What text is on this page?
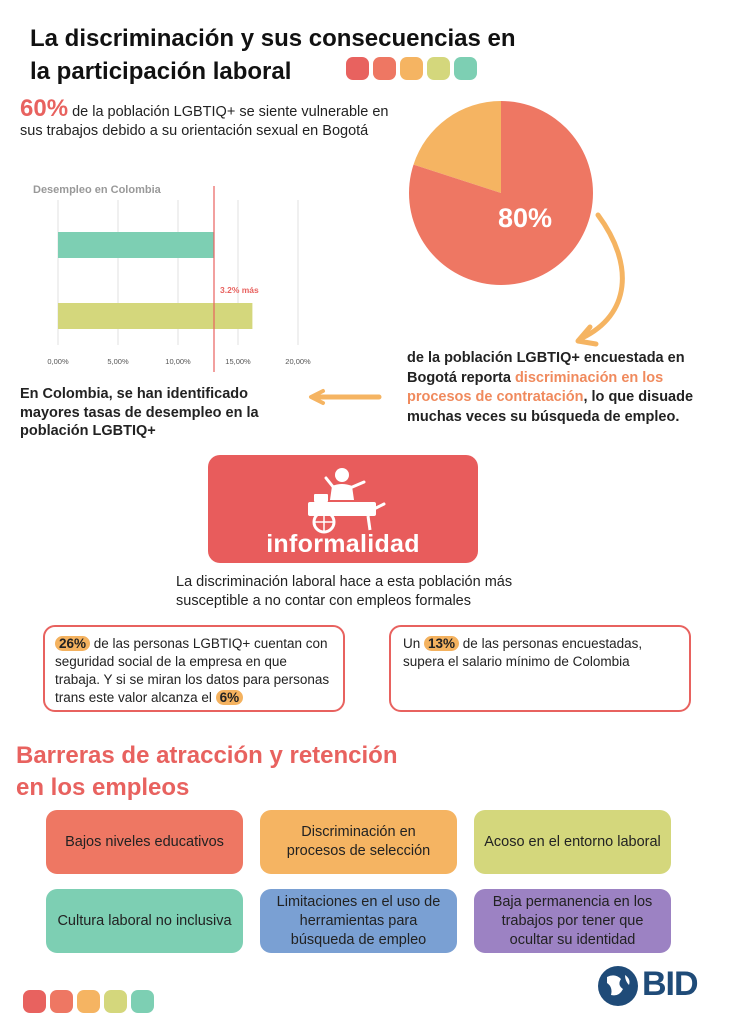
La discriminación y sus consecuencias en
la participación laboral
60% de la población LGBTIQ+ se siente vulnerable en sus trabajos debido a su orientación sexual en Bogotá
Desempleo en Colombia
0,00%	5,00%	10,00%	15,00%	20,00%
3.2% más
80%
de la población LGBTIQ+ encuestada en Bogotá reporta discriminación en los procesos de contratación, lo que disuade muchas veces su búsqueda de empleo.
En Colombia, se han identificado mayores tasas de desempleo en la población LGBTIQ+
informalidad
La discriminación laboral hace a esta población más susceptible a no contar con empleos formales
26% de las personas LGBTIQ+ cuentan con seguridad social de la empresa en que trabaja. Y si se miran los datos para personas trans este valor alcanza el 6%
Un 13% de las personas encuestadas, supera el salario mínimo de Colombia
Barreras de atracción y retención
en los empleos
Bajos niveles educativos
Discriminación en procesos de selección
Acoso en el entorno laboral
Cultura laboral no inclusiva
Limitaciones en el uso de herramientas para búsqueda de empleo
Baja permanencia en los trabajos por tener que ocultar su identidad
BID
